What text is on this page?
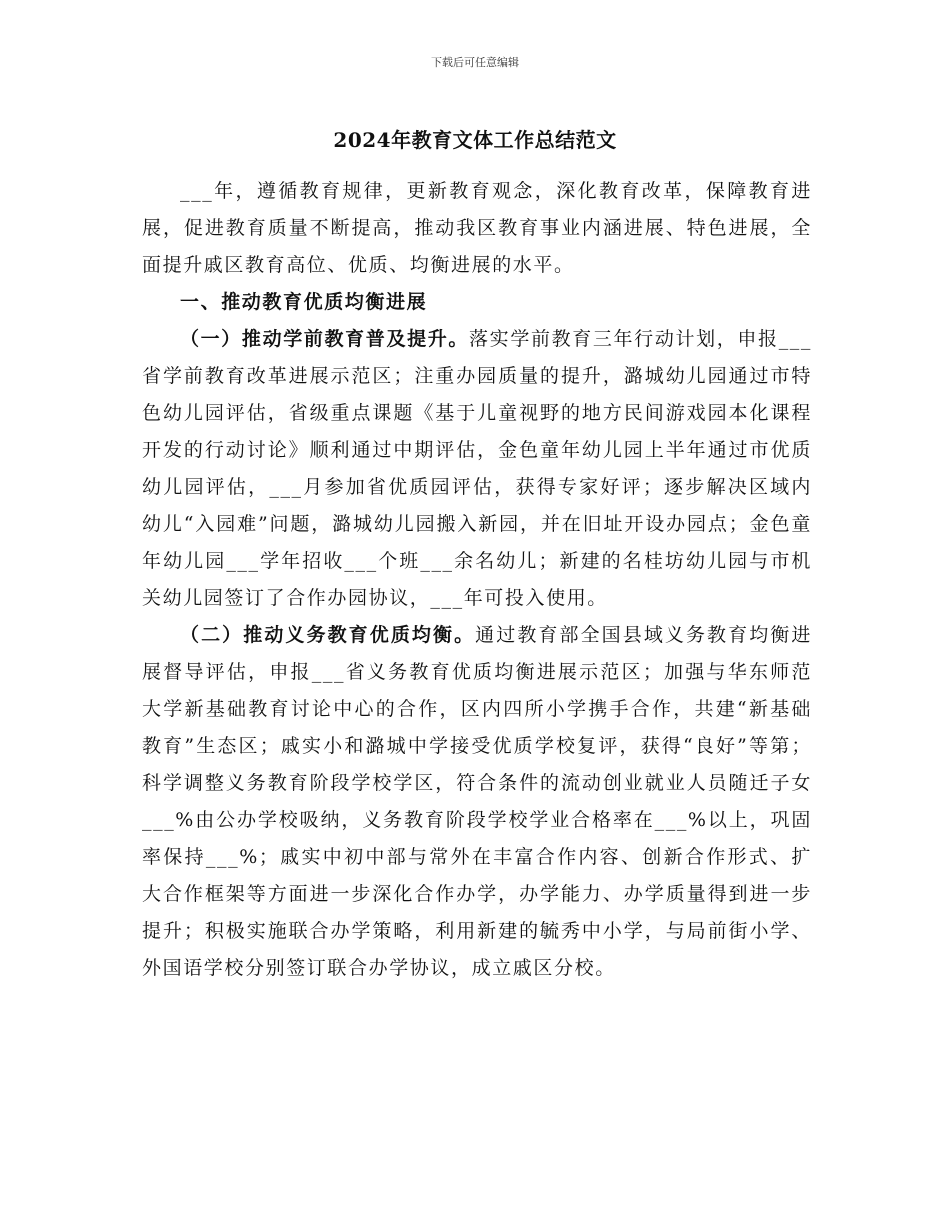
下载后可任意编辑
2024年教育文体工作总结范文

___年，遵循教育规律，更新教育观念，深化教育改革，保障教育进展，促进教育质量不断提高，推动我区教育事业内涵进展、特色进展，全面提升戚区教育高位、优质、均衡进展的水平。

一、推动教育优质均衡进展

（一）推动学前教育普及提升。落实学前教育三年行动计划，申报___省学前教育改革进展示范区；注重办园质量的提升，潞城幼儿园通过市特色幼儿园评估，省级重点课题《基于儿童视野的地方民间游戏园本化课程开发的行动讨论》顺利通过中期评估，金色童年幼儿园上半年通过市优质幼儿园评估，___月参加省优质园评估，获得专家好评；逐步解决区域内幼儿“入园难”问题，潞城幼儿园搬入新园，并在旧址开设办园点；金色童年幼儿园___学年招收___个班___余名幼儿；新建的名桂坊幼儿园与市机关幼儿园签订了合作办园协议，___年可投入使用。

（二）推动义务教育优质均衡。通过教育部全国县域义务教育均衡进展督导评估，申报___省义务教育优质均衡进展示范区；加强与华东师范大学新基础教育讨论中心的合作，区内四所小学携手合作，共建“新基础教育”生态区；戚实小和潞城中学接受优质学校复评，获得“良好”等第；科学调整义务教育阶段学校学区，符合条件的流动创业就业人员随迁子女___%由公办学校吸纳，义务教育阶段学校学业合格率在___%以上，巩固率保持___%；戚实中初中部与常外在丰富合作内容、创新合作形式、扩大合作框架等方面进一步深化合作办学，办学能力、办学质量得到进一步提升；积极实施联合办学策略，利用新建的毓秀中小学，与局前街小学、外国语学校分别签订联合办学协议，成立戚区分校。
